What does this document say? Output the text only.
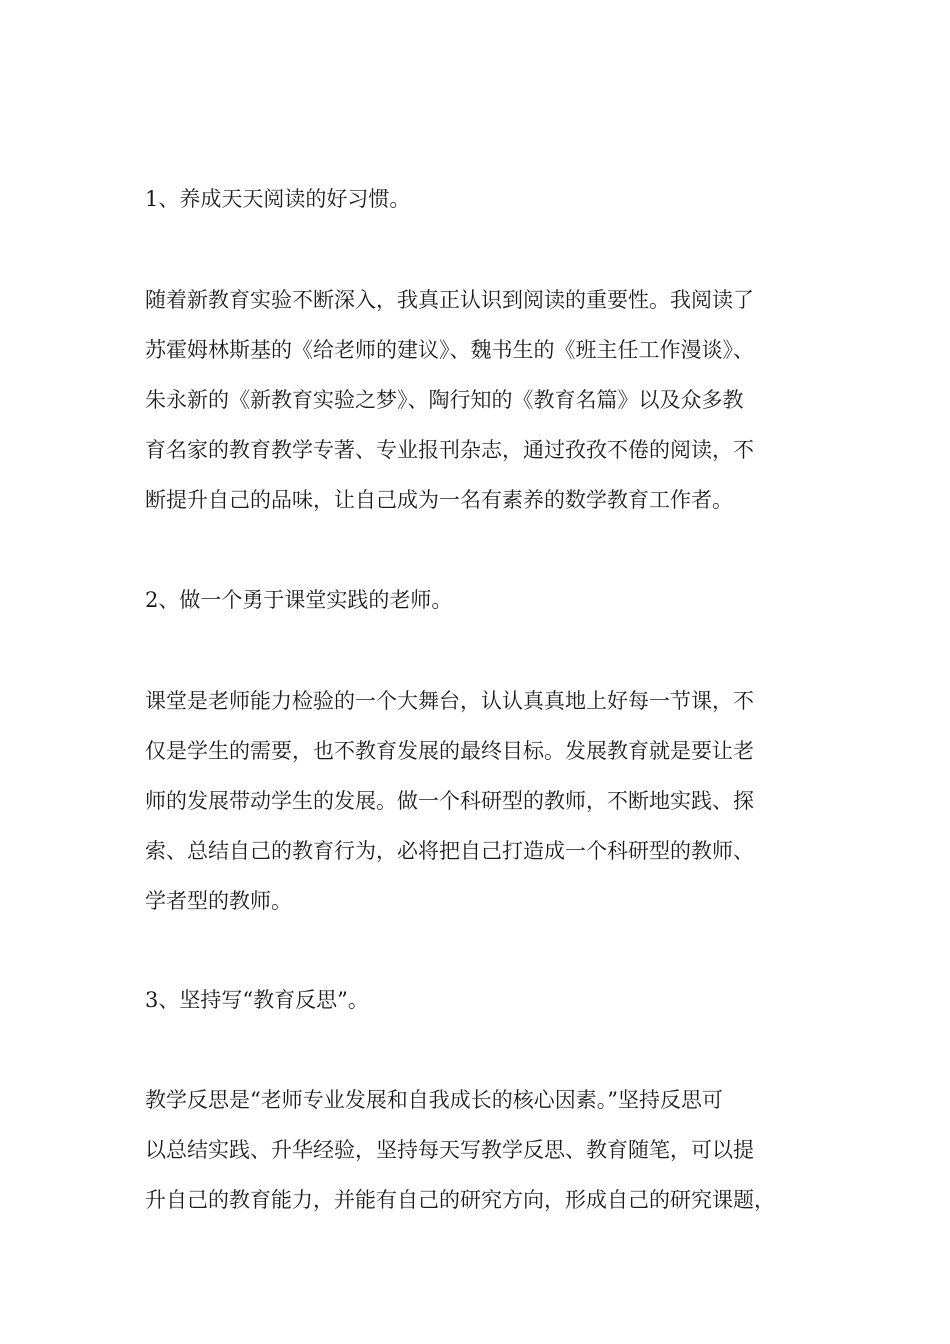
1、养成天天阅读的好习惯。
随着新教育实验不断深入，我真正认识到阅读的重要性。我阅读了
苏霍姆林斯基的《给老师的建议》、魏书生的《班主任工作漫谈》、
朱永新的《新教育实验之梦》、陶行知的《教育名篇》以及众多教
育名家的教育教学专著、专业报刊杂志，通过孜孜不倦的阅读，不
断提升自己的品味，让自己成为一名有素养的数学教育工作者。
2、做一个勇于课堂实践的老师。
课堂是老师能力检验的一个大舞台，认认真真地上好每一节课，不
仅是学生的需要，也不教育发展的最终目标。发展教育就是要让老
师的发展带动学生的发展。做一个科研型的教师，不断地实践、探
索、总结自己的教育行为，必将把自己打造成一个科研型的教师、
学者型的教师。
3、坚持写“教育反思”。
教学反思是“老师专业发展和自我成长的核心因素。”坚持反思可
以总结实践、升华经验，坚持每天写教学反思、教育随笔，可以提
升自己的教育能力，并能有自己的研究方向，形成自己的研究课题，
